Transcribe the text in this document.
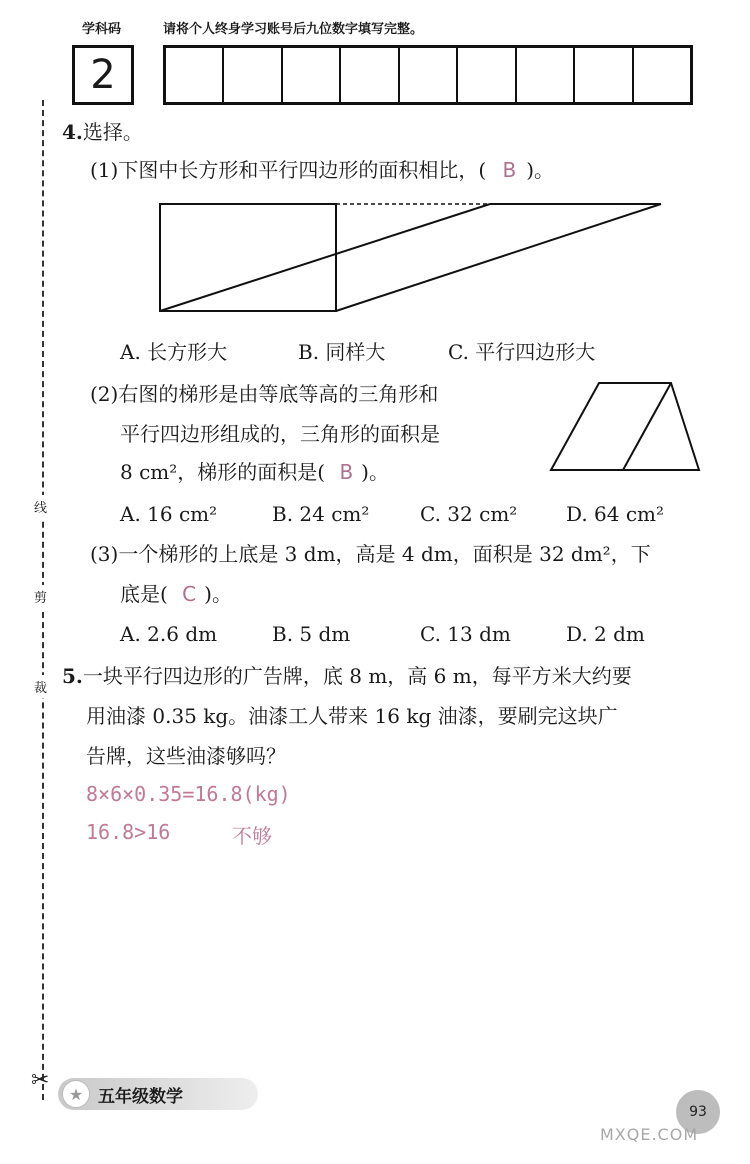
学科码	请将个人终身学习账号后九位数字填写完整。
2
线
剪
裁
✂
4.选择。
(1)下图中长方形和平行四边形的面积相比，( B )。
A. 长方形大	B. 同样大	C. 平行四边形大
(2)右图的梯形是由等底等高的三角形和
平行四边形组成的，三角形的面积是
8 cm²，梯形的面积是( B )。
A. 16 cm²	B. 24 cm²	C. 32 cm² D. 64 cm²
(3)一个梯形的上底是 3 dm，高是 4 dm，面积是 32 dm²，下
底是( C )。
A. 2.6 dm	B. 5 dm	C. 13 dm	D. 2 dm
5.一块平行四边形的广告牌，底 8 m，高 6 m，每平方米大约要
用油漆 0.35 kg。油漆工人带来 16 kg 油漆，要刷完这块广
告牌，这些油漆够吗？
8×6×0.35=16.8(kg)
16.8>16	不够
★ 五年级数学
93
MXQE.COM
